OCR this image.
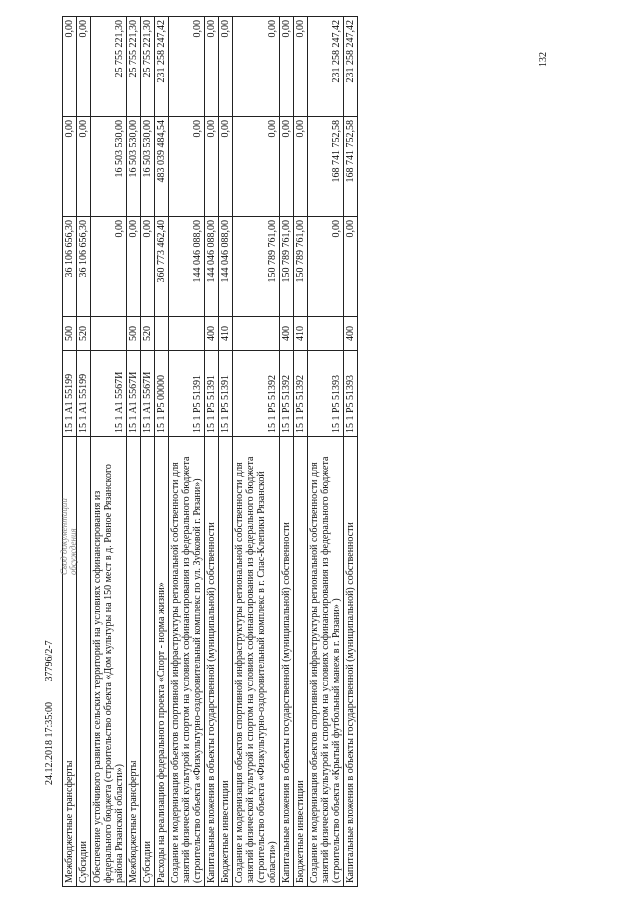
132
Межбюджетные трансферты	15 1 A1 55199	500	36 106 656,30	0,00	0,00
Субсидии	15 1 A1 55199	520	36 106 656,30	0,00	0,00
Обеспечение устойчивого развития сельских территорий на условиях софинансирования из федерального бюджета (строительство объекта «Дом культуры на 150 мест в д. Ровное Рязанского района Рязанской области»)	15 1 A1 5567И		0,00	16 503 530,00	25 755 221,30
Межбюджетные трансферты	15 1 A1 5567И	500	0,00	16 503 530,00	25 755 221,30
Субсидии	15 1 A1 5567И	520	0,00	16 503 530,00	25 755 221,30
Расходы на реализацию федерального проекта «Спорт - норма жизни»	15 1 P5 00000		360 773 462,40	483 039 484,54	231 258 247,42
Создание и модернизация объектов спортивной инфраструктуры региональной собственности для занятий физической культурой и спортом на условиях софинансирования из федерального бюджета (строительство объекта «Физкультурно-оздоровительный комплекс по ул. Зубковой г. Рязани»)	15 1 P5 51391		144 046 088,00	0,00	0,00
Капитальные вложения в объекты государственной (муниципальной) собственности	15 1 P5 51391	400	144 046 088,00	0,00	0,00
Бюджетные инвестиции	15 1 P5 51391	410	144 046 088,00	0,00	0,00
Создание и модернизация объектов спортивной инфраструктуры региональной собственности для занятий физической культурой и спортом на условиях софинансирования из федерального бюджета (строительство объекта «Физкультурно-оздоровительный комплекс в г. Спас-Клепики Рязанской области»)	15 1 P5 51392		150 789 761,00	0,00	0,00
Капитальные вложения в объекты государственной (муниципальной) собственности	15 1 P5 51392	400	150 789 761,00	0,00	0,00
Бюджетные инвестиции	15 1 P5 51392	410	150 789 761,00	0,00	0,00
Создание и модернизация объектов спортивной инфраструктуры региональной собственности для занятий физической культурой и спортом на условиях софинансирования из федерального бюджета (строительство объекта «Крытый футбольный манеж в г. Рязани» )	15 1 P5 51393		0,00	168 741 752,58	231 258 247,42
Капитальные вложения в объекты государственной (муниципальной) собственности	15 1 P5 51393	400	0,00	168 741 752,58	231 258 247,42
Свод документации обсуждения
24.12.2018 17:35:00 37796/2-7
